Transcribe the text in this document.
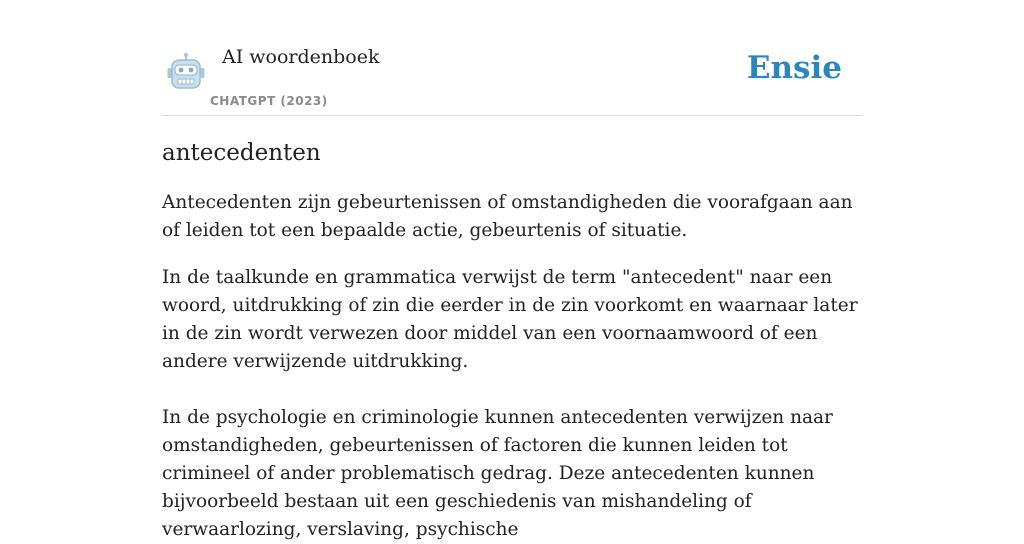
AI woordenboek
CHATGPT (2023)
Ensie
antecedenten

Antecedenten zijn gebeurtenissen of omstandigheden die voorafgaan aan of leiden tot een bepaalde actie, gebeurtenis of situatie.

In de taalkunde en grammatica verwijst de term "antecedent" naar een woord, uitdrukking of zin die eerder in de zin voorkomt en waarnaar later in de zin wordt verwezen door middel van een voornaamwoord of een andere verwijzende uitdrukking.

In de psychologie en criminologie kunnen antecedenten verwijzen naar omstandigheden, gebeurtenissen of factoren die kunnen leiden tot crimineel of ander problematisch gedrag. Deze antecedenten kunnen bijvoorbeeld bestaan uit een geschiedenis van mishandeling of verwaarlozing, verslaving, psychische
